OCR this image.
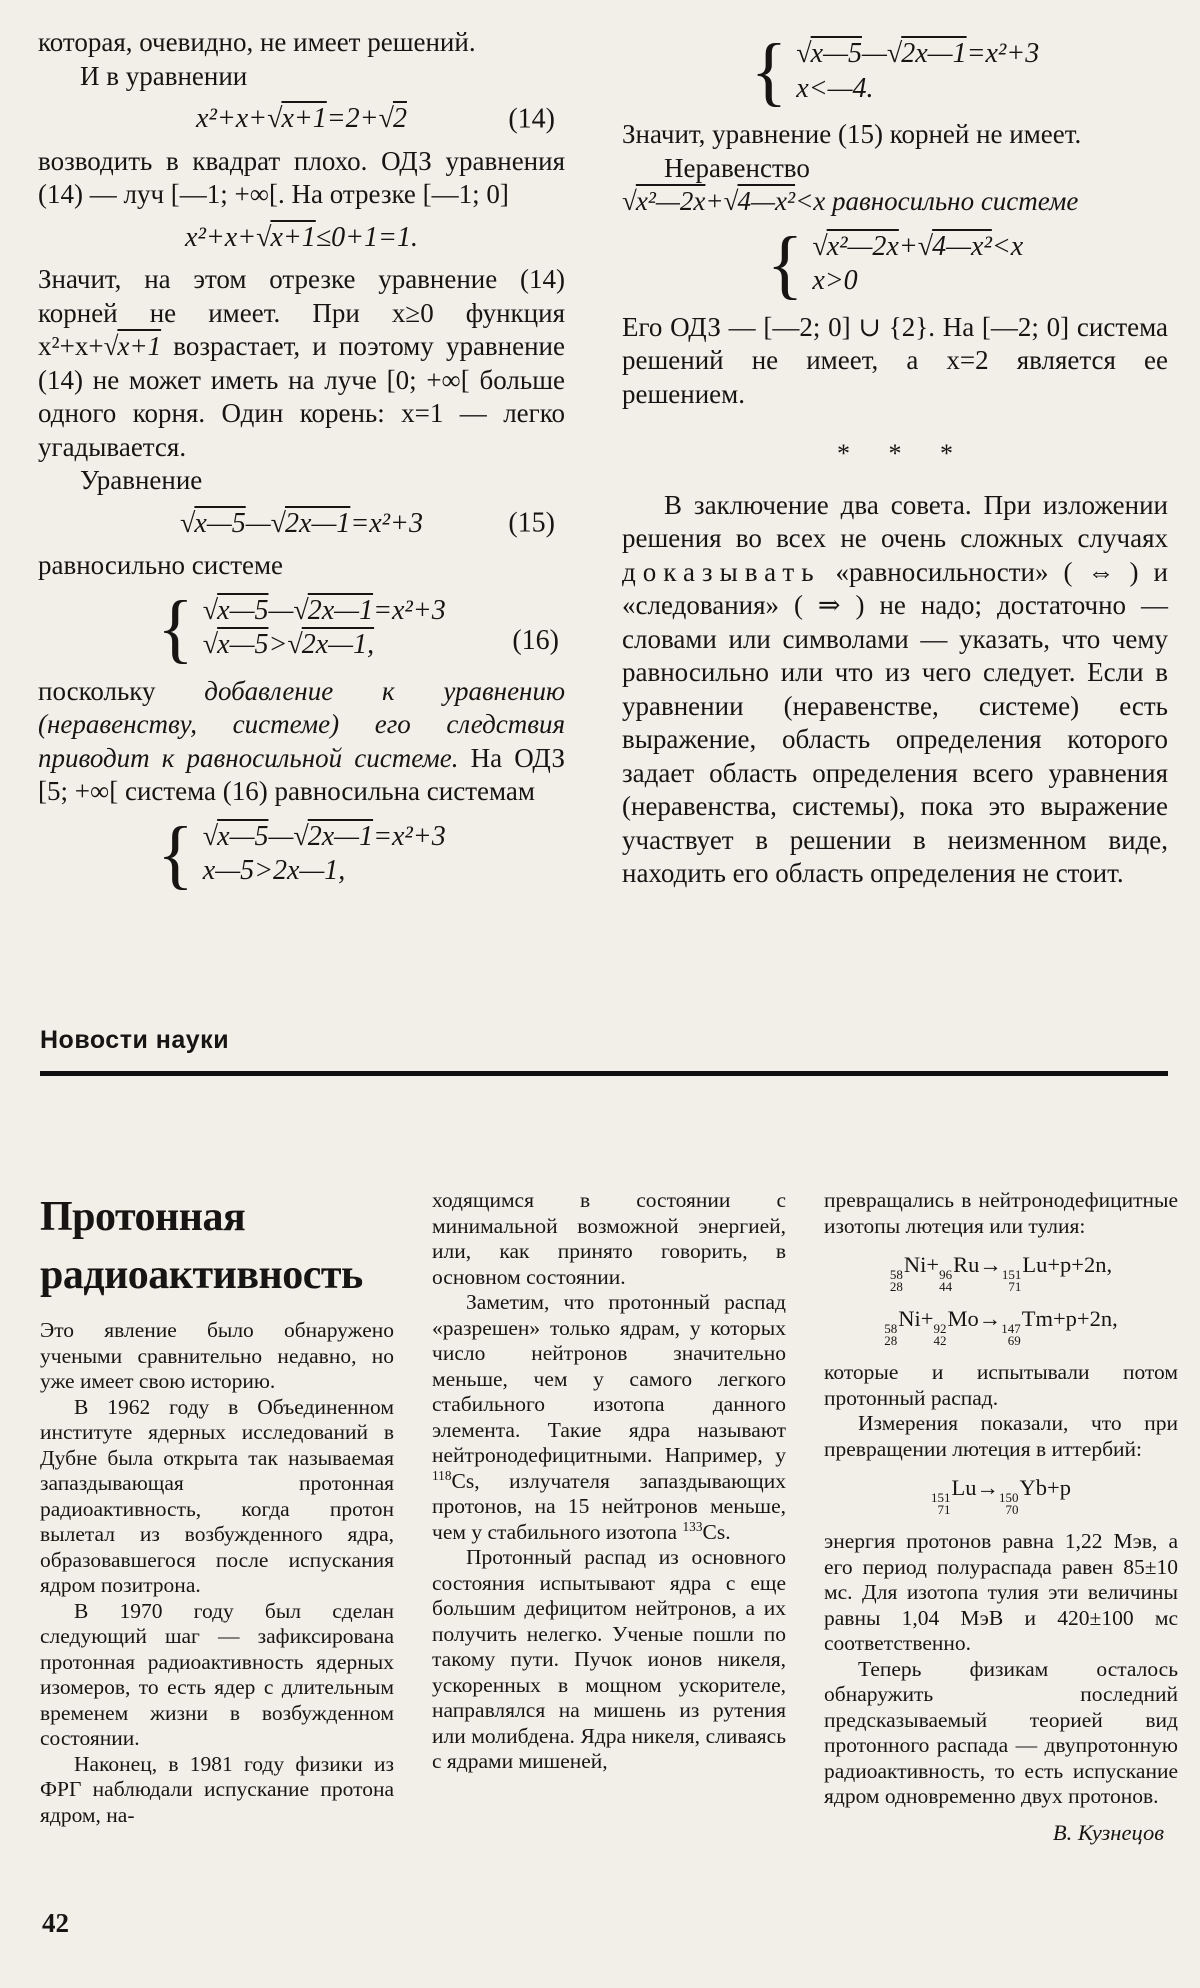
которая, очевидно, не имеет решений.

И в уравнении

x²+x+√x+1=2+√2	(14)

возводить в квадрат плохо. ОДЗ уравнения (14) — луч [—1; +∞[. На отрезке [—1; 0]

x²+x+√x+1≤0+1=1.

Значит, на этом отрезке уравнение (14) корней не имеет. При x≥0 функция x²+x+√x+1 возрастает, и поэтому уравнение (14) не может иметь на луче [0; +∞[ больше одного корня. Один корень: x=1 — легко угадывается.

Уравнение

√x—5—√2x—1=x²+3	(15)

равносильно системе

{ √x—5—√2x—1=x²+3
√x—5>√2x—1,	(16)

поскольку добавление к уравнению (неравенству, системе) его следствия приводит к равносильной системе. На ОДЗ [5; +∞[ система (16) равносильна системам

{ √x—5—√2x—1=x²+3
x—5>2x—1,
{ √x—5—√2x—1=x²+3
x<—4.

Значит, уравнение (15) корней не имеет.

Неравенство √x²—2x+√4—x²<x равносильно системе

{ √x²—2x+√4—x²<x
x>0

Его ОДЗ — [—2; 0] ∪ {2}. На [—2; 0] система решений не имеет, а x=2 является ее решением.

* * *

В заключение два совета. При изложении решения во всех не очень сложных случаях доказывать «равносильности» ( ⇔ ) и «следования» ( ⇒ ) не надо; достаточно — словами или символами — указать, что чему равносильно или что из чего следует. Если в уравнении (неравенстве, системе) есть выражение, область определения которого задает область определения всего уравнения (неравенства, системы), пока это выражение участвует в решении в неизменном виде, находить его область определения не стоит.

Новости науки

Протонная радиоактивность

Это явление было обнаружено учеными сравнительно недавно, но уже имеет свою историю.

В 1962 году в Объединенном институте ядерных исследований в Дубне была открыта так называемая запаздывающая протонная радиоактивность, когда протон вылетал из возбужденного ядра, образовавшегося после испускания ядром позитрона.

В 1970 году был сделан следующий шаг — зафиксирована протонная радиоактивность ядерных изомеров, то есть ядер с длительным временем жизни в возбужденном состоянии.

Наконец, в 1981 году физики из ФРГ наблюдали испускание протона ядром, на-

ходящимся в состоянии с минимальной возможной энергией, или, как принято говорить, в основном состоянии.

Заметим, что протонный распад «разрешен» только ядрам, у которых число нейтронов значительно меньше, чем у самого легкого стабильного изотопа данного элемента. Такие ядра называют нейтронодефицитными. Например, у $^{118}$Cs, излучателя запаздывающих протонов, на 15 нейтронов меньше, чем у стабильного изотопа $^{133}$Cs.

Протонный распад из основного состояния испытывают ядра с еще большим дефицитом нейтронов, а их получить нелегко. Ученые пошли по такому пути. Пучок ионов никеля, ускоренных в мощном ускорителе, направлялся на мишень из рутения или молибдена. Ядра никеля, сливаясь с ядрами мишеней,

превращались в нейтронодефицитные изотопы лютеция или тулия:

58
28
Ni+ 96
44
Ru→ 151
71
Lu+p+2n,
58
28
Ni+ 92
42
Mo→ 147
69
Tm+p+2n,

которые и испытывали потом протонный распад.

Измерения показали, что при превращении лютеция в иттербий:

151
71
Lu→ 150
70
Yb+p

энергия протонов равна 1,22 Мэв, а его период полураспада равен 85±10 мс. Для изотопа тулия эти величины равны 1,04 МэВ и 420±100 мс соответственно.

Теперь физикам осталось обнаружить последний предсказываемый теорией вид протонного распада — двупротонную радиоактивность, то есть испускание ядром одновременно двух протонов.

В. Кузнецов

42
